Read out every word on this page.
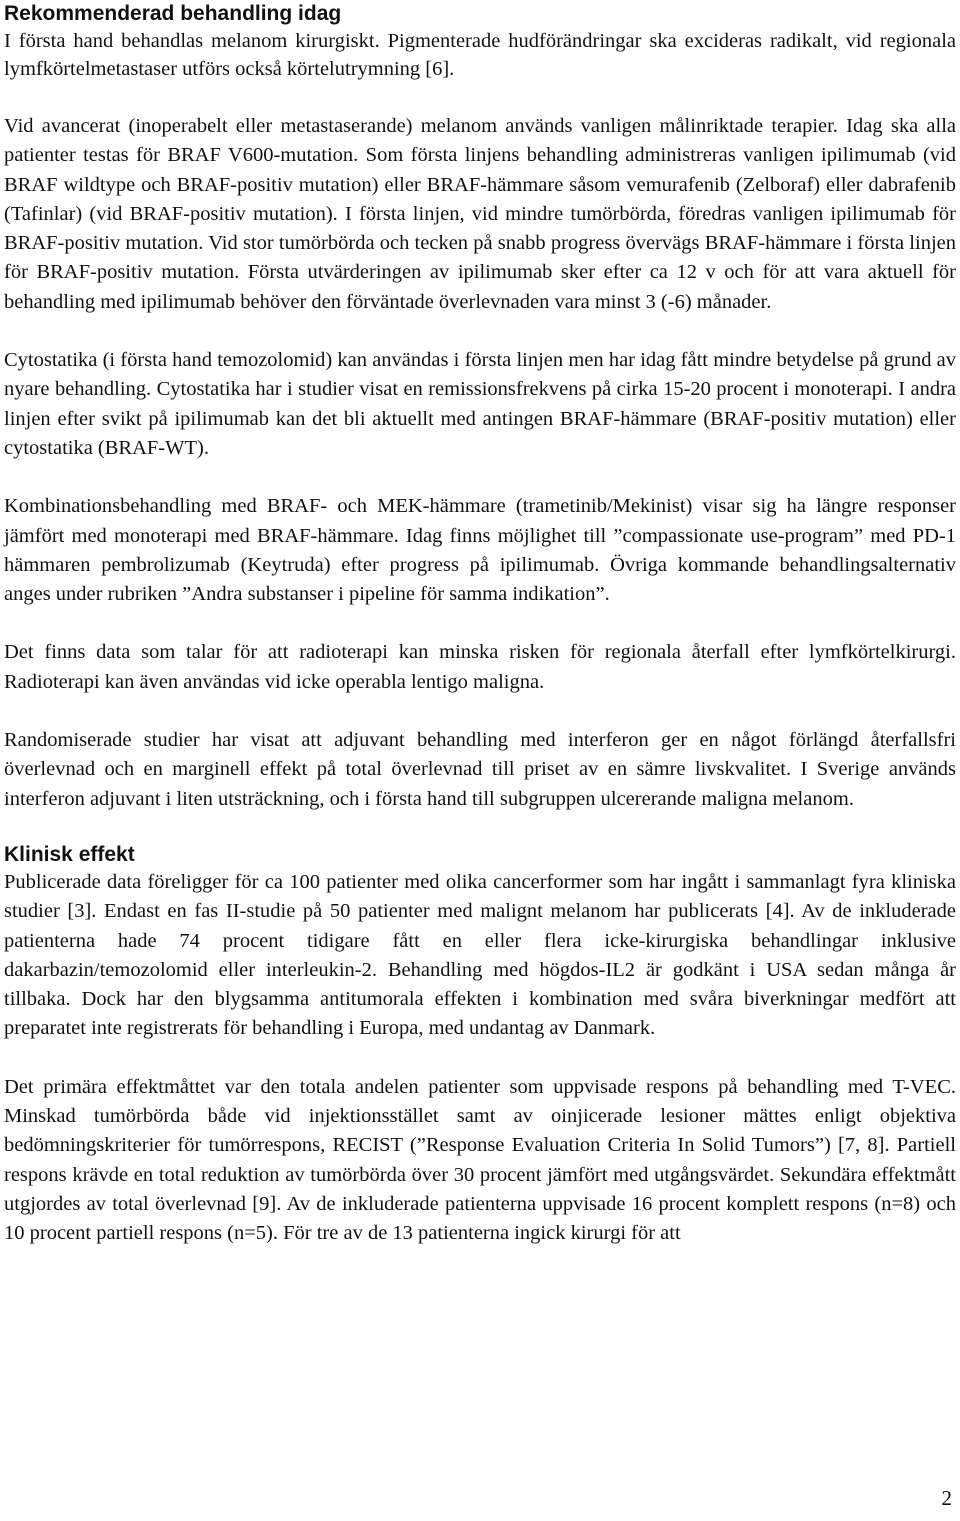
Rekommenderad behandling idag

I första hand behandlas melanom kirurgiskt. Pigmenterade hudförändringar ska excideras radikalt, vid regionala lymfkörtelmetastaser utförs också körtelutrymning [6].

Vid avancerat (inoperabelt eller metastaserande) melanom används vanligen målinriktade terapier. Idag ska alla patienter testas för BRAF V600-mutation. Som första linjens behandling administreras vanligen ipilimumab (vid BRAF wildtype och BRAF-positiv mutation) eller BRAF-hämmare såsom vemurafenib (Zelboraf) eller dabrafenib (Tafinlar) (vid BRAF-positiv mutation). I första linjen, vid mindre tumörbörda, föredras vanligen ipilimumab för BRAF-positiv mutation. Vid stor tumörbörda och tecken på snabb progress övervägs BRAF-hämmare i första linjen för BRAF-positiv mutation. Första utvärderingen av ipilimumab sker efter ca 12 v och för att vara aktuell för behandling med ipilimumab behöver den förväntade överlevnaden vara minst 3 (-6) månader.

Cytostatika (i första hand temozolomid) kan användas i första linjen men har idag fått mindre betydelse på grund av nyare behandling. Cytostatika har i studier visat en remissionsfrekvens på cirka 15-20 procent i monoterapi. I andra linjen efter svikt på ipilimumab kan det bli aktuellt med antingen BRAF-hämmare (BRAF-positiv mutation) eller cytostatika (BRAF-WT).

Kombinationsbehandling med BRAF- och MEK-hämmare (trametinib/Mekinist) visar sig ha längre responser jämfört med monoterapi med BRAF-hämmare. Idag finns möjlighet till ”compassionate use-program” med PD-1 hämmaren pembrolizumab (Keytruda) efter progress på ipilimumab. Övriga kommande behandlingsalternativ anges under rubriken ”Andra substanser i pipeline för samma indikation”.

Det finns data som talar för att radioterapi kan minska risken för regionala återfall efter lymfkörtelkirurgi. Radioterapi kan även användas vid icke operabla lentigo maligna.

Randomiserade studier har visat att adjuvant behandling med interferon ger en något förlängd återfallsfri överlevnad och en marginell effekt på total överlevnad till priset av en sämre livskvalitet. I Sverige används interferon adjuvant i liten utsträckning, och i första hand till subgruppen ulcererande maligna melanom.

Klinisk effekt

Publicerade data föreligger för ca 100 patienter med olika cancerformer som har ingått i sammanlagt fyra kliniska studier [3]. Endast en fas II-studie på 50 patienter med malignt melanom har publicerats [4]. Av de inkluderade patienterna hade 74 procent tidigare fått en eller flera icke-kirurgiska behandlingar inklusive dakarbazin/temozolomid eller interleukin-2. Behandling med högdos-IL2 är godkänt i USA sedan många år tillbaka. Dock har den blygsamma antitumorala effekten i kombination med svåra biverkningar medfört att preparatet inte registrerats för behandling i Europa, med undantag av Danmark.

Det primära effektmåttet var den totala andelen patienter som uppvisade respons på behandling med T-VEC. Minskad tumörbörda både vid injektionsstället samt av oinjicerade lesioner mättes enligt objektiva bedömningskriterier för tumörrespons, RECIST (”Response Evaluation Criteria In Solid Tumors”) [7, 8]. Partiell respons krävde en total reduktion av tumörbörda över 30 procent jämfört med utgångsvärdet. Sekundära effektmått utgjordes av total överlevnad [9]. Av de inkluderade patienterna uppvisade 16 procent komplett respons (n=8) och 10 procent partiell respons (n=5). För tre av de 13 patienterna ingick kirurgi för att

2
